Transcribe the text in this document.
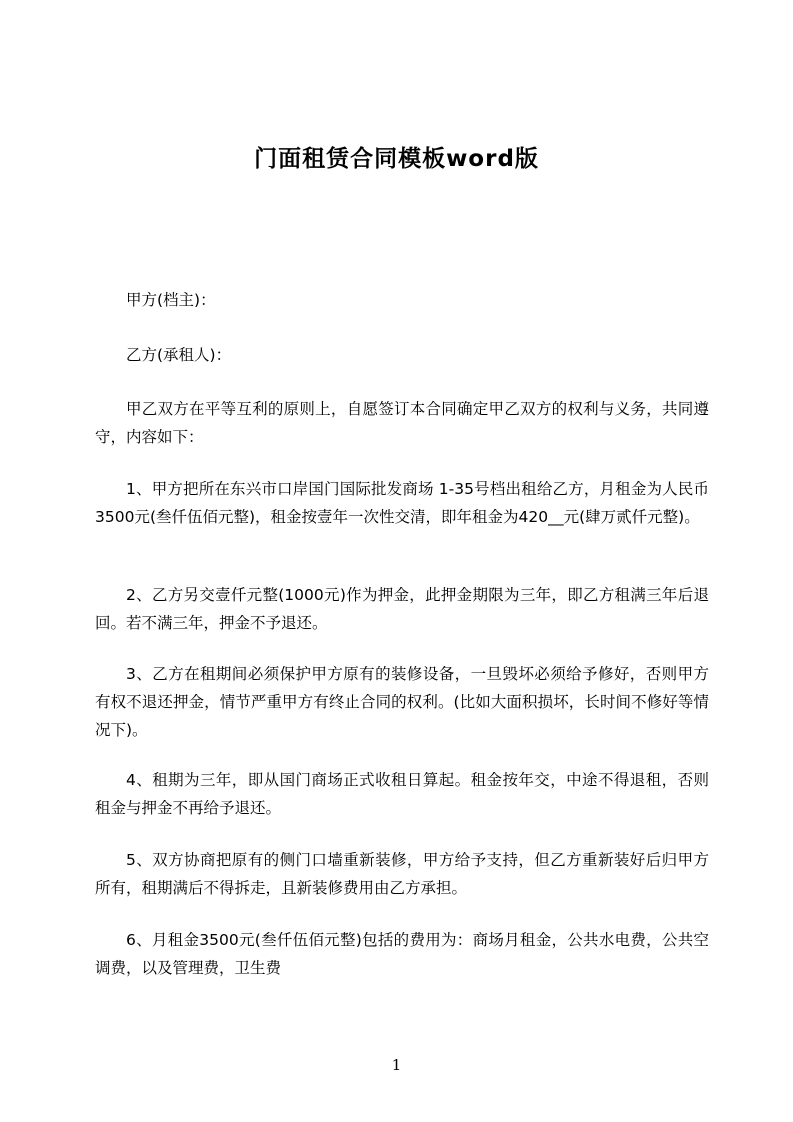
门面租赁合同模板word版

甲方(档主)：

乙方(承租人)：

甲乙双方在平等互利的原则上，自愿签订本合同确定甲乙双方的权利与义务，共同遵守，内容如下：

1、甲方把所在东兴市口岸国门国际批发商场 1-35号档出租给乙方，月租金为人民币3500元(叁仟伍佰元整)，租金按壹年一次性交清，即年租金为420__元(肆万贰仟元整)。

2、乙方另交壹仟元整(1000元)作为押金，此押金期限为三年，即乙方租满三年后退回。若不满三年，押金不予退还。

3、乙方在租期间必须保护甲方原有的装修设备，一旦毁坏必须给予修好，否则甲方有权不退还押金，情节严重甲方有终止合同的权利。(比如大面积损坏，长时间不修好等情况下)。

4、租期为三年，即从国门商场正式收租日算起。租金按年交，中途不得退租，否则租金与押金不再给予退还。

5、双方协商把原有的侧门口墙重新装修，甲方给予支持，但乙方重新装好后归甲方所有，租期满后不得拆走，且新装修费用由乙方承担。

6、月租金3500元(叁仟伍佰元整)包括的费用为：商场月租金，公共水电费，公共空调费，以及管理费，卫生费

1
